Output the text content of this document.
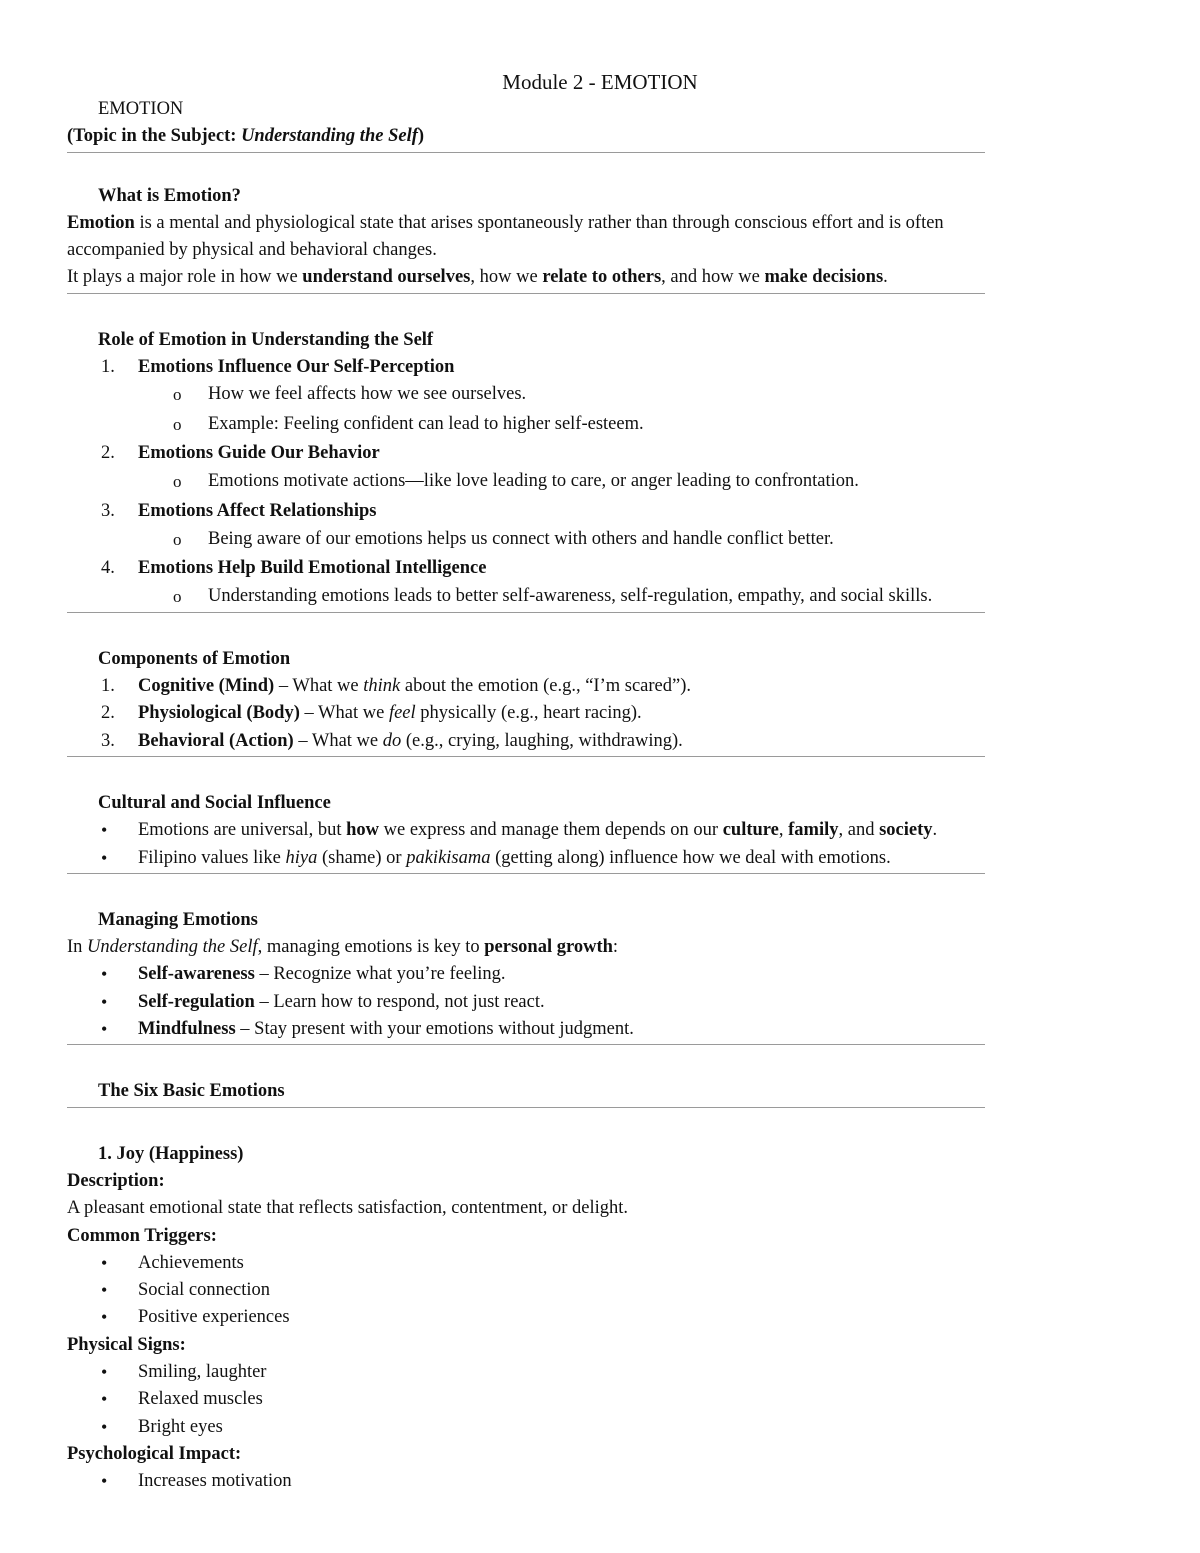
Module 2 - EMOTION

EMOTION

(Topic in the Subject: Understanding the Self)

What is Emotion?

Emotion is a mental and physiological state that arises spontaneously rather than through conscious effort and is often

accompanied by physical and behavioral changes.

It plays a major role in how we understand ourselves, how we relate to others, and how we make decisions.

Role of Emotion in Understanding the Self

1. Emotions Influence Our Self-Perception
o How we feel affects how we see ourselves.
o Example: Feeling confident can lead to higher self-esteem.
2. Emotions Guide Our Behavior
o Emotions motivate actions—like love leading to care, or anger leading to confrontation.
3. Emotions Affect Relationships
o Being aware of our emotions helps us connect with others and handle conflict better.
4. Emotions Help Build Emotional Intelligence
o Understanding emotions leads to better self-awareness, self-regulation, empathy, and social skills.

Components of Emotion

1. Cognitive (Mind) – What we think about the emotion (e.g., “I’m scared”).
2. Physiological (Body) – What we feel physically (e.g., heart racing).
3. Behavioral (Action) – What we do (e.g., crying, laughing, withdrawing).

Cultural and Social Influence

• Emotions are universal, but how we express and manage them depends on our culture, family, and society.
• Filipino values like hiya (shame) or pakikisama (getting along) influence how we deal with emotions.

Managing Emotions

In Understanding the Self, managing emotions is key to personal growth:

• Self-awareness – Recognize what you’re feeling.
• Self-regulation – Learn how to respond, not just react.
• Mindfulness – Stay present with your emotions without judgment.

The Six Basic Emotions

1. Joy (Happiness)

Description:

A pleasant emotional state that reflects satisfaction, contentment, or delight.

Common Triggers:

• Achievements
• Social connection
• Positive experiences

Physical Signs:

• Smiling, laughter
• Relaxed muscles
• Bright eyes

Psychological Impact:

• Increases motivation
